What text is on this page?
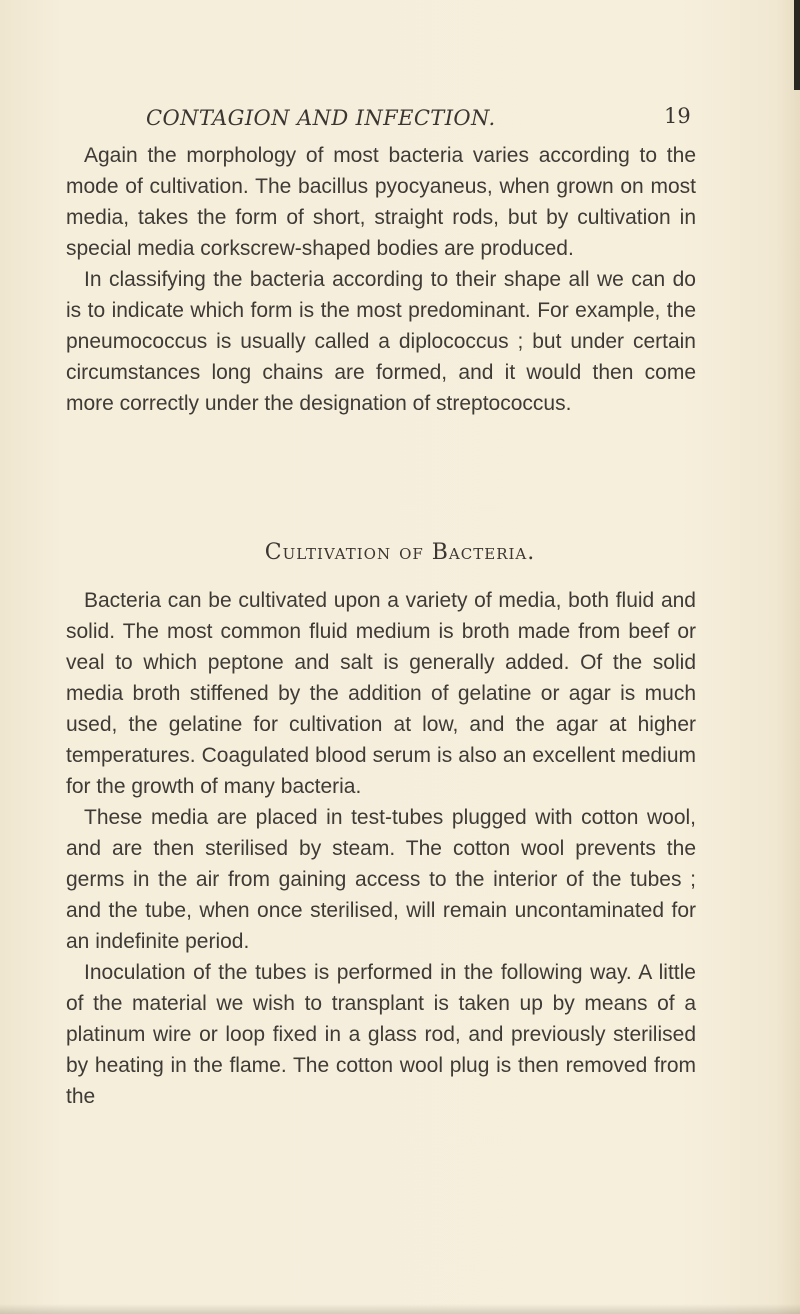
CONTAGION AND INFECTION.	19

Again the morphology of most bacteria varies according to the mode of cultivation. The bacillus pyocyaneus, when grown on most media, takes the form of short, straight rods, but by cultivation in special media corkscrew-shaped bodies are produced.

In classifying the bacteria according to their shape all we can do is to indicate which form is the most predominant. For example, the pneumococcus is usually called a diplococcus ; but under certain circumstances long chains are formed, and it would then come more correctly under the designation of streptococcus.

Cultivation of Bacteria.

Bacteria can be cultivated upon a variety of media, both fluid and solid. The most common fluid medium is broth made from beef or veal to which peptone and salt is generally added. Of the solid media broth stiffened by the addition of gelatine or agar is much used, the gelatine for cultivation at low, and the agar at higher temperatures. Coagulated blood serum is also an excellent medium for the growth of many bacteria.

These media are placed in test-tubes plugged with cotton wool, and are then sterilised by steam. The cotton wool prevents the germs in the air from gaining access to the interior of the tubes ; and the tube, when once sterilised, will remain uncontaminated for an indefinite period.

Inoculation of the tubes is performed in the following way. A little of the material we wish to transplant is taken up by means of a platinum wire or loop fixed in a glass rod, and previously sterilised by heating in the flame. The cotton wool plug is then removed from the
